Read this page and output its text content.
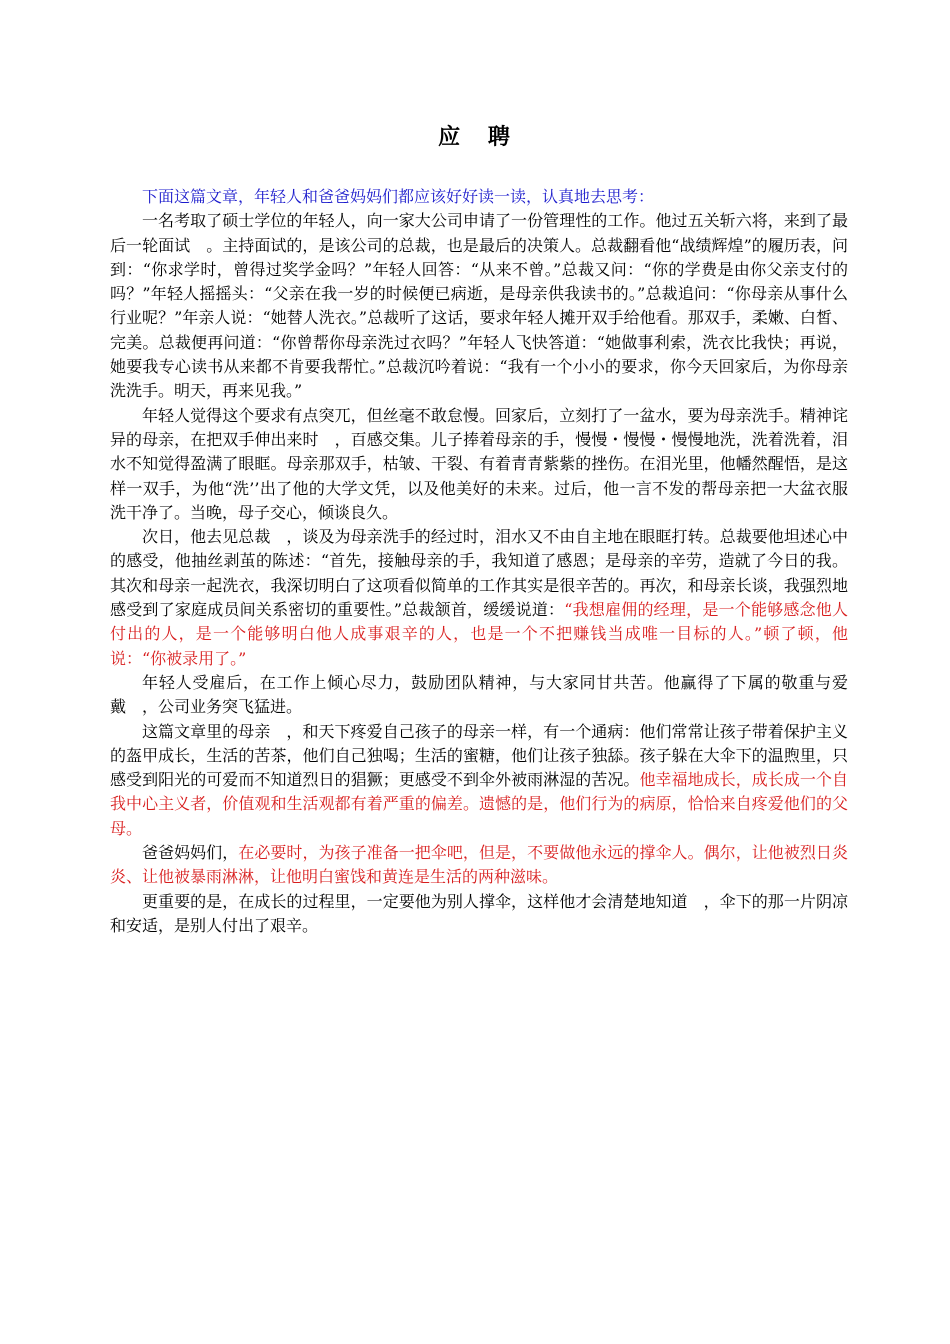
应 聘

下面这篇文章，年轻人和爸爸妈妈们都应该好好读一读，认真地去思考：

一名考取了硕士学位的年轻人，向一家大公司申请了一份管理性的工作。他过五关斩六将，来到了最后一轮面试　。主持面试的，是该公司的总裁，也是最后的决策人。总裁翻看他“战绩辉煌”的履历表，问到：“你求学时，曾得过奖学金吗？”年轻人回答：“从来不曾。”总裁又问：“你的学费是由你父亲支付的吗？”年轻人摇摇头：“父亲在我一岁的时候便已病逝，是母亲供我读书的。”总裁追问：“你母亲从事什么行业呢？”年亲人说：“她替人洗衣。”总裁听了这话，要求年轻人摊开双手给他看。那双手，柔嫩、白皙、完美。总裁便再问道：“你曾帮你母亲洗过衣吗？”年轻人飞快答道：“她做事利索，洗衣比我快；再说，她要我专心读书从来都不肯要我帮忙。”总裁沉吟着说：“我有一个小小的要求，你今天回家后，为你母亲洗洗手。明天，再来见我。”

年轻人觉得这个要求有点突兀，但丝毫不敢怠慢。回家后，立刻打了一盆水，要为母亲洗手。精神诧异的母亲，在把双手伸出来时　，百感交集。儿子捧着母亲的手，慢慢・慢慢・慢慢地洗，洗着洗着，泪水不知觉得盈满了眼眶。母亲那双手，枯皱、干裂、有着青青紫紫的挫伤。在泪光里，他幡然醒悟，是这样一双手，为他“洗’’出了他的大学文凭，以及他美好的未来。过后，他一言不发的帮母亲把一大盆衣服洗干净了。当晚，母子交心，倾谈良久。

次日，他去见总裁　，谈及为母亲洗手的经过时，泪水又不由自主地在眼眶打转。总裁要他坦述心中的感受，他抽丝剥茧的陈述：“首先，接触母亲的手，我知道了感恩；是母亲的辛劳，造就了今日的我。其次和母亲一起洗衣，我深切明白了这项看似简单的工作其实是很辛苦的。再次，和母亲长谈，我强烈地感受到了家庭成员间关系密切的重要性。”总裁颔首，缓缓说道：“我想雇佣的经理，是一个能够感念他人付出的人，是一个能够明白他人成事艰辛的人，也是一个不把赚钱当成唯一目标的人。”顿了顿，他说：“你被录用了。”

年轻人受雇后，在工作上倾心尽力，鼓励团队精神，与大家同甘共苦。他赢得了下属的敬重与爱戴　，公司业务突飞猛进。

这篇文章里的母亲　，和天下疼爱自己孩子的母亲一样，有一个通病：他们常常让孩子带着保护主义的盔甲成长，生活的苦茶，他们自己独喝；生活的蜜糖，他们让孩子独舔。孩子躲在大伞下的温煦里，只感受到阳光的可爱而不知道烈日的猖獗；更感受不到伞外被雨淋湿的苦况。他幸福地成长，成长成一个自我中心主义者，价值观和生活观都有着严重的偏差。遗憾的是，他们行为的病原，恰恰来自疼爱他们的父母。

爸爸妈妈们，在必要时，为孩子准备一把伞吧，但是，不要做他永远的撑伞人。偶尔，让他被烈日炎炎、让他被暴雨淋淋，让他明白蜜饯和黄连是生活的两种滋味。

更重要的是，在成长的过程里，一定要他为别人撑伞，这样他才会清楚地知道　，伞下的那一片阴凉和安适，是别人付出了艰辛。
